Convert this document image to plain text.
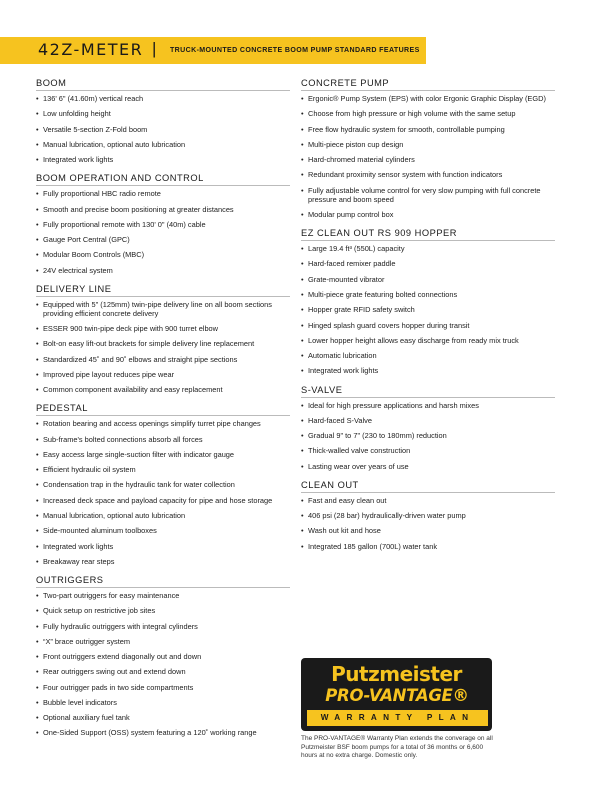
42Z-METER | TRUCK-MOUNTED CONCRETE BOOM PUMP STANDARD FEATURES
BOOM
• 136' 6" (41.60m) vertical reach
• Low unfolding height
• Versatile 5-section Z-Fold boom
• Manual lubrication, optional auto lubrication
• Integrated work lights
BOOM OPERATION AND CONTROL
• Fully proportional HBC radio remote
• Smooth and precise boom positioning at greater distances
• Fully proportional remote with 130' 0" (40m) cable
• Gauge Port Central (GPC)
• Modular Boom Controls (MBC)
• 24V electrical system
DELIVERY LINE
• Equipped with 5" (125mm) twin-pipe delivery line on all boom sections providing efficient concrete delivery
• ESSER 900 twin-pipe deck pipe with 900 turret elbow
• Bolt-on easy lift-out brackets for simple delivery line replacement
• Standardized 45˚ and 90˚ elbows and straight pipe sections
• Improved pipe layout reduces pipe wear
• Common component availability and easy replacement
PEDESTAL
• Rotation bearing and access openings simplify turret pipe changes
• Sub-frame's bolted connections absorb all forces
• Easy access large single-suction filter with indicator gauge
• Efficient hydraulic oil system
• Condensation trap in the hydraulic tank for water collection
• Increased deck space and payload capacity for pipe and hose storage
• Manual lubrication, optional auto lubrication
• Side-mounted aluminum toolboxes
• Integrated work lights
• Breakaway rear steps
OUTRIGGERS
• Two-part outriggers for easy maintenance
• Quick setup on restrictive job sites
• Fully hydraulic outriggers with integral cylinders
• “X” brace outrigger system
• Front outriggers extend diagonally out and down
• Rear outriggers swing out and extend down
• Four outrigger pads in two side compartments
• Bubble level indicators
• Optional auxiliary fuel tank
• One-Sided Support (OSS) system featuring a 120˚ working range
CONCRETE PUMP
• Ergonic® Pump System (EPS) with color Ergonic Graphic Display (EGD)
• Choose from high pressure or high volume with the same setup
• Free flow hydraulic system for smooth, controllable pumping
• Multi-piece piston cup design
• Hard-chromed material cylinders
• Redundant proximity sensor system with function indicators
• Fully adjustable volume control for very slow pumping with full concrete pressure and boom speed
• Modular pump control box
EZ CLEAN OUT RS 909 HOPPER
• Large 19.4 ft³ (550L) capacity
• Hard-faced remixer paddle
• Grate-mounted vibrator
• Multi-piece grate featuring bolted connections
• Hopper grate RFID safety switch
• Hinged splash guard covers hopper during transit
• Lower hopper height allows easy discharge from ready mix truck
• Automatic lubrication
• Integrated work lights
S-VALVE
• Ideal for high pressure applications and harsh mixes
• Hard-faced S-Valve
• Gradual 9" to 7" (230 to 180mm) reduction
• Thick-walled valve construction
• Lasting wear over years of use
CLEAN OUT
• Fast and easy clean out
• 406 psi (28 bar) hydraulically-driven water pump
• Wash out kit and hose
• Integrated 185 gallon (700L) water tank
Putzmeister
PRO-VANTAGE®
WARRANTY PLAN
The PRO-VANTAGE® Warranty Plan extends the converage on all Putzmeister BSF boom pumps for a total of 36 months or 6,600 hours at no extra charge. Domestic only.
